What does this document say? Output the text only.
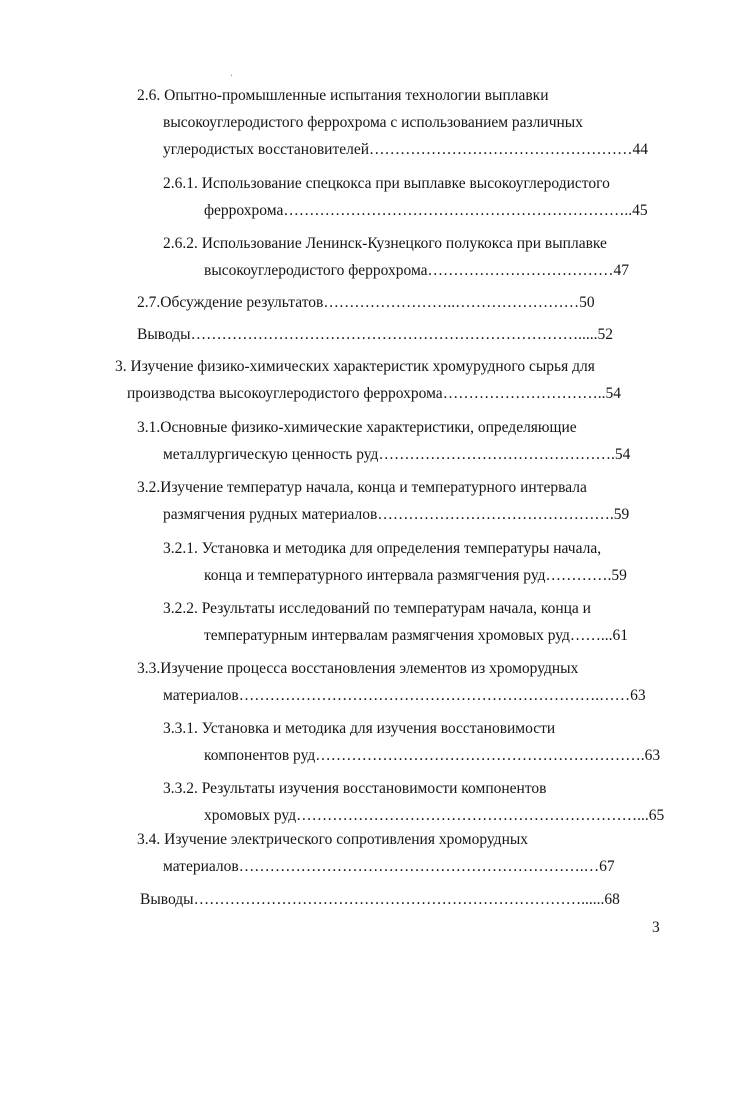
'
2.6. Опытно-промышленные испытания технологии выплавки
высокоуглеродистого феррохрома с использованием различных
углеродистых восстановителей……………………………………………44
2.6.1. Использование спецкокса при выплавке высокоуглеродистого
феррохрома…………………………………………………………..45
2.6.2. Использование Ленинск-Кузнецкого полукокса при выплавке
высокоуглеродистого феррохрома………………………………47
2.7.Обсуждение результатов……………………..……………………50
Выводы………………………………………………………………….....52
3. Изучение физико-химических характеристик хромурудного сырья для
производства высокоуглеродистого феррохрома…………………………..54
3.1.Основные физико-химические характеристики, определяющие
металлургическую ценность руд……………………………………….54
3.2.Изучение температур начала, конца и температурного интервала
размягчения рудных материалов……………………………………….59
3.2.1. Установка и методика для определения температуры начала,
конца и температурного интервала размягчения руд………….59
3.2.2. Результаты исследований по температурам начала, конца и
температурным интервалам размягчения хромовых руд……...61
3.3.Изучение процесса восстановления элементов из хроморудных
материалов…………………………………………………………….……63
3.3.1. Установка и методика для изучения восстановимости
компонентов руд……………………………………………………….63
3.3.2. Результаты изучения восстановимости компонентов
хромовых руд…………………………………………………………...65
3.4. Изучение электрического сопротивления хроморудных
материалов………………………………………………………….…67
Выводы…………………………………………………………………......68
3
